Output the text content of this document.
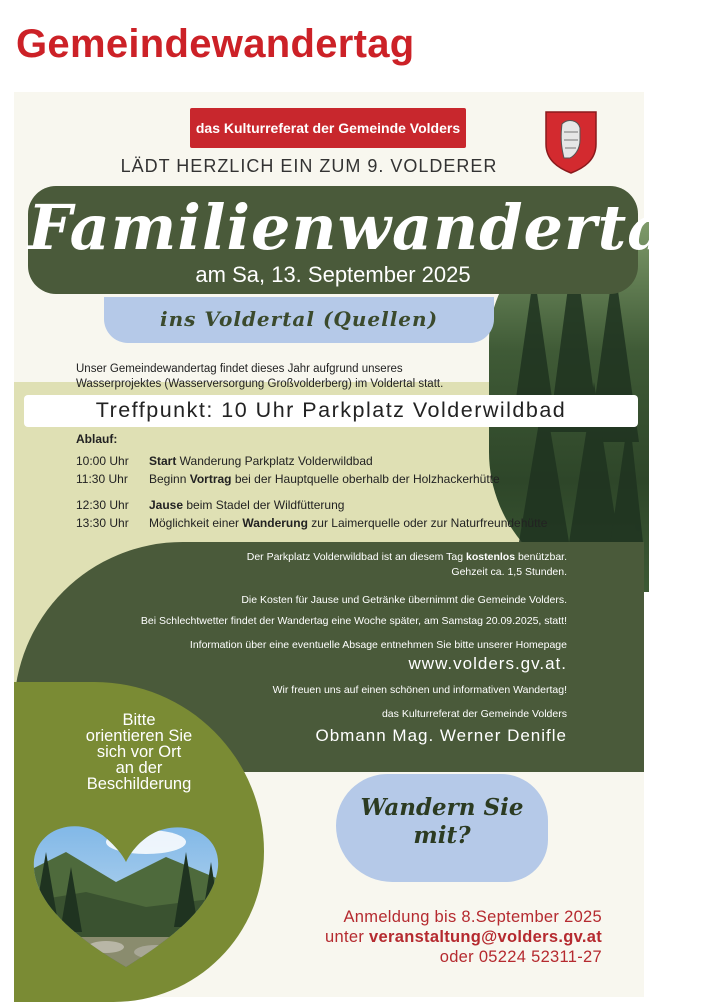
Gemeindewandertag
das Kulturreferat der Gemeinde Volders
LÄDT HERZLICH EIN ZUM 9. VOLDERER
Familienwandertag
am Sa, 13. September 2025
ins Voldertal (Quellen)
Unser Gemeindewandertag findet dieses Jahr aufgrund unseres
Wasserprojektes (Wasserversorgung Großvolderberg) im Voldertal statt.
Treffpunkt: 10 Uhr Parkplatz Volderwildbad
Ablauf:
10:00 Uhr	Start Wanderung Parkplatz Volderwildbad
11:30 Uhr	Beginn Vortrag bei der Hauptquelle oberhalb der Holzhackerhütte
12:30 Uhr	Jause beim Stadel der Wildfütterung
13:30 Uhr	Möglichkeit einer Wanderung zur Laimerquelle oder zur Naturfreundehütte
Der Parkplatz Volderwildbad ist an diesem Tag kostenlos benützbar.
Gehzeit ca. 1,5 Stunden.
Die Kosten für Jause und Getränke übernimmt die Gemeinde Volders.
Bei Schlechtwetter findet der Wandertag eine Woche später, am Samstag 20.09.2025, statt!
Information über eine eventuelle Absage entnehmen Sie bitte unserer Homepage
www.volders.gv.at.
Wir freuen uns auf einen schönen und informativen Wandertag!
das Kulturreferat der Gemeinde Volders
Obmann Mag. Werner Denifle
Bitte
orientieren Sie
sich vor Ort
an der
Beschilderung
Wandern Sie
mit?
Anmeldung bis 8.September 2025
unter veranstaltung@volders.gv.at
oder 05224 52311-27
